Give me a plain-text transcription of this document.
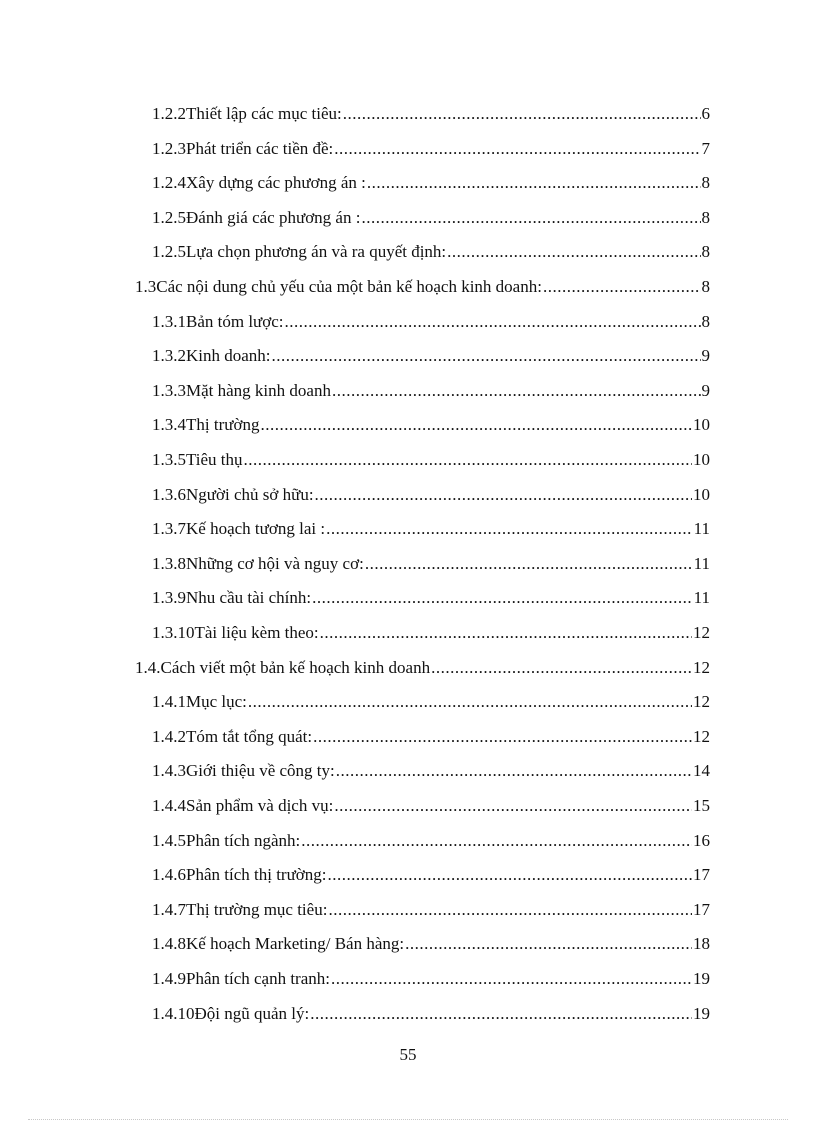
1.2.2 Thiết lập các mục tiêu: .....	6
1.2.3 Phát triển các tiền đề: .....	7
1.2.4 Xây dựng các phương án : .....	8
1.2.5 Đánh giá các phương án : .....	8
1.2.5 Lựa chọn phương án và ra quyết định: .....	8
1.3 Các nội dung chủ yếu của một bản kế hoạch kinh doanh: .....	8
1.3.1 Bản tóm lược: .....	8
1.3.2 Kinh doanh: .....	9
1.3.3 Mặt hàng kinh doanh .....	9
1.3.4 Thị trường .....	10
1.3.5 Tiêu thụ .....	10
1.3.6 Người chủ sở hữu: .....	10
1.3.7 Kế hoạch tương lai : .....	11
1.3.8 Những cơ hội và nguy cơ: .....	11
1.3.9 Nhu cầu tài chính: .....	11
1.3.10 Tài liệu kèm theo: .....	12
1.4. Cách viết một bản kế hoạch kinh doanh .....	12
1.4.1 Mục lục: .....	12
1.4.2 Tóm tắt tổng quát: .....	12
1.4.3 Giới thiệu về công ty: .....	14
1.4.4 Sản phẩm và dịch vụ: .....	15
1.4.5 Phân tích ngành: .....	16
1.4.6 Phân tích thị trường: .....	17
1.4.7 Thị trường mục tiêu: .....	17
1.4.8 Kế hoạch Marketing/ Bán hàng: .....	18
1.4.9 Phân tích cạnh tranh: .....	19
1.4.10 Đội ngũ quản lý: .....	19
55
